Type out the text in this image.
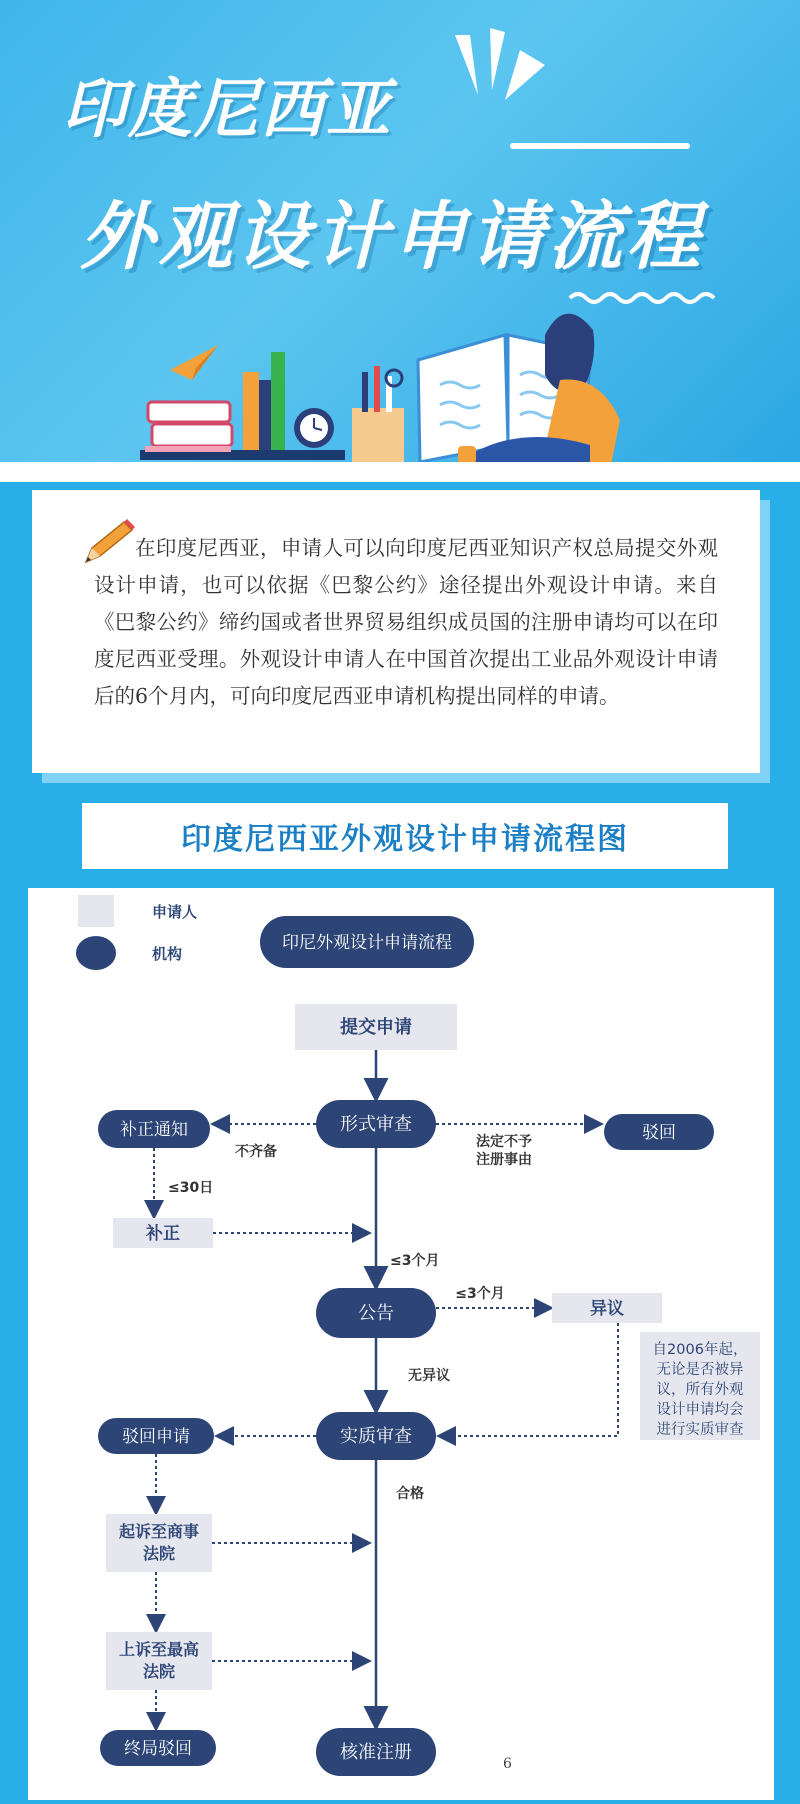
印度尼西亚
外观设计申请流程

在印度尼西亚，申请人可以向印度尼西亚知识产权总局提交外观设计申请，也可以依据《巴黎公约》途径提出外观设计申请。来自《巴黎公约》缔约国或者世界贸易组织成员国的注册申请均可以在印度尼西亚受理。外观设计申请人在中国首次提出工业品外观设计申请后的6个月内，可向印度尼西亚申请机构提出同样的申请。

印度尼西亚外观设计申请流程图
申请人
机构
印尼外观设计申请流程
提交申请
形式审查
补正通知
不齐备
驳回
法定不予
注册事由
≤30日
补正
≤3个月
公告
≤3个月
异议
自2006年起，
无论是否被异
议，所有外观
设计申请均会
进行实质审查
无异议
实质审查
驳回申请
合格
起诉至商事法院
上诉至最高法院
终局驳回	核准注册
6
